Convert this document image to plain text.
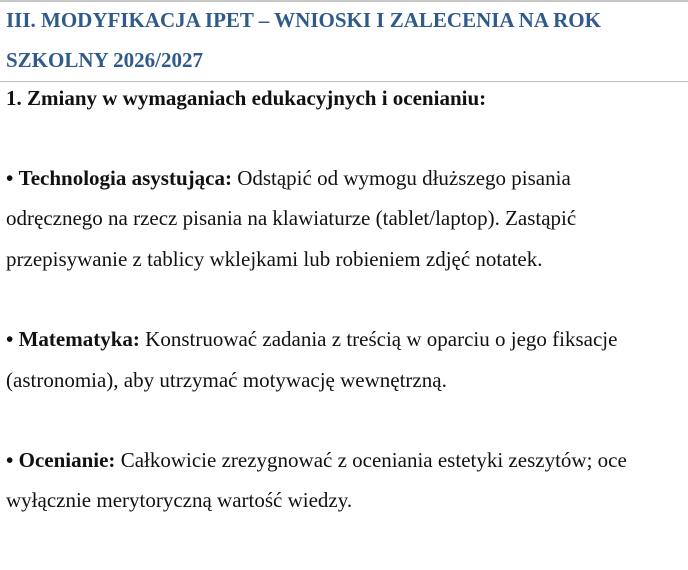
III. MODYFIKACJA IPET – WNIOSKI I ZALECENIA NA ROK
SZKOLNY 2026/2027

1. Zmiany w wymaganiach edukacyjnych i ocenianiu:

• Technologia asystująca: Odstąpić od wymogu dłuższego pisania

odręcznego na rzecz pisania na klawiaturze (tablet/laptop). Zastąpić

przepisywanie z tablicy wklejkami lub robieniem zdjęć notatek.

• Matematyka: Konstruować zadania z treścią w oparciu o jego fiksacje

(astronomia), aby utrzymać motywację wewnętrzną.

• Ocenianie: Całkowicie zrezygnować z oceniania estetyki zeszytów; oce

wyłącznie merytoryczną wartość wiedzy.
